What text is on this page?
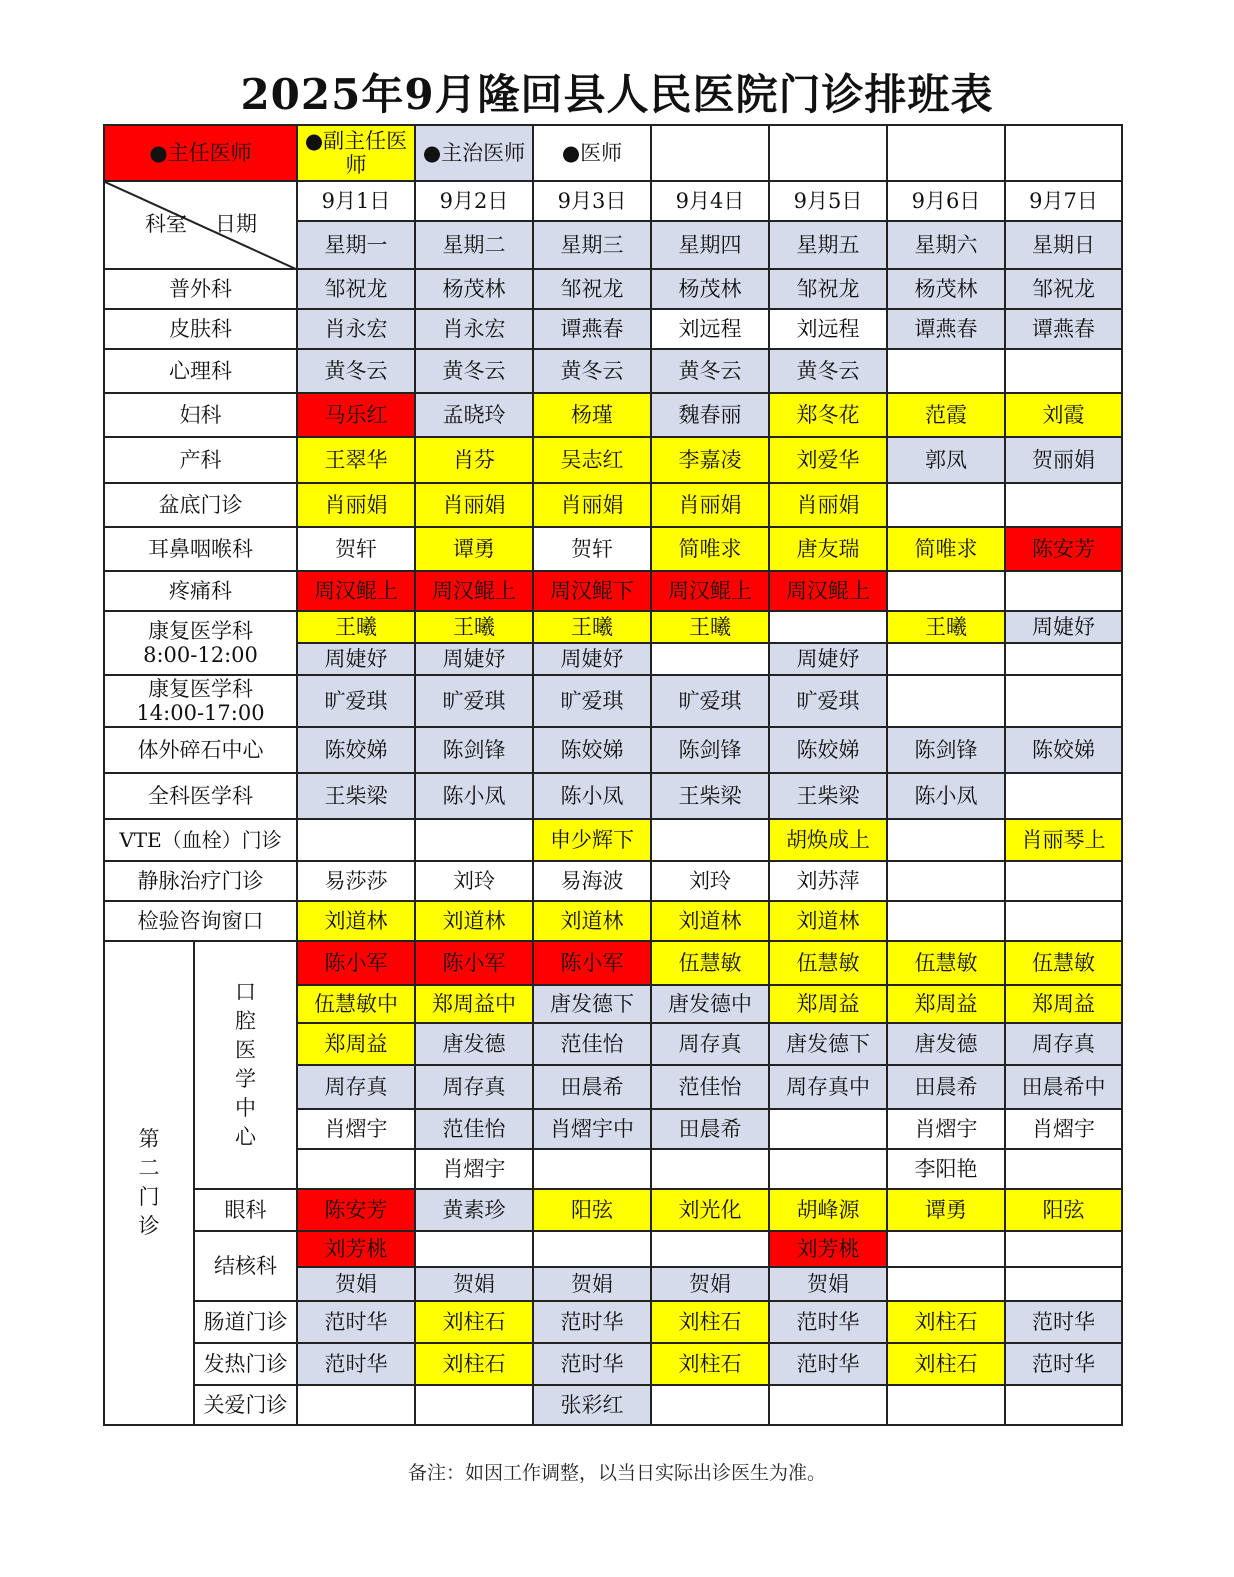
2025年9月隆回县人民医院门诊排班表
●主任医师		●副主任医师	●主治医师	●医师				

科室 日期		9月1日	9月2日	9月3日	9月4日	9月5日	9月6日	9月7日
		星期一	星期二	星期三	星期四	星期五	星期六	星期日
普外科		邹祝龙	杨茂林	邹祝龙	杨茂林	邹祝龙	杨茂林	邹祝龙
皮肤科		肖永宏	肖永宏	谭燕春	刘远程	刘远程	谭燕春	谭燕春
心理科		黄冬云	黄冬云	黄冬云	黄冬云	黄冬云		
妇科		马乐红	孟晓玲	杨瑾	魏春丽	郑冬花	范霞	刘霞
产科		王翠华	肖芬	吴志红	李嘉凌	刘爱华	郭凤	贺丽娟
盆底门诊		肖丽娟	肖丽娟	肖丽娟	肖丽娟	肖丽娟		
耳鼻咽喉科		贺轩	谭勇	贺轩	简唯求	唐友瑞	简唯求	陈安芳
疼痛科		周汉鲲上	周汉鲲上	周汉鲲下	周汉鲲上	周汉鲲上		
康复医学科
8:00-12:00		王曦	王曦	王曦	王曦		王曦	周婕妤
		周婕妤	周婕妤	周婕妤		周婕妤		
康复医学科
14:00-17:00		旷爱琪	旷爱琪	旷爱琪	旷爱琪	旷爱琪		
体外碎石中心		陈姣娣	陈剑锋	陈姣娣	陈剑锋	陈姣娣	陈剑锋	陈姣娣
全科医学科		王柴梁	陈小凤	陈小凤	王柴梁	王柴梁	陈小凤	
VTE（血栓）门诊				申少辉下		胡焕成上		肖丽琴上
静脉治疗门诊		易莎莎	刘玲	易海波	刘玲	刘苏萍		
检验咨询窗口		刘道林	刘道林	刘道林	刘道林	刘道林		
第二门诊	口腔医学中心	陈小军	陈小军	陈小军	伍慧敏	伍慧敏	伍慧敏	伍慧敏
		伍慧敏中	郑周益中	唐发德下	唐发德中	郑周益	郑周益	郑周益
		郑周益	唐发德	范佳怡	周存真	唐发德下	唐发德	周存真
		周存真	周存真	田晨希	范佳怡	周存真中	田晨希	田晨希中
		肖熠宇	范佳怡	肖熠宇中	田晨希		肖熠宇	肖熠宇
			肖熠宇				李阳艳	
	眼科	陈安芳	黄素珍	阳弦	刘光化	胡峰源	谭勇	阳弦
	结核科	刘芳桃				刘芳桃		
		贺娟	贺娟	贺娟	贺娟	贺娟		
	肠道门诊	范时华	刘柱石	范时华	刘柱石	范时华	刘柱石	范时华
	发热门诊	范时华	刘柱石	范时华	刘柱石	范时华	刘柱石	范时华
	关爱门诊			张彩红				
备注：如因工作调整，以当日实际出诊医生为准。
